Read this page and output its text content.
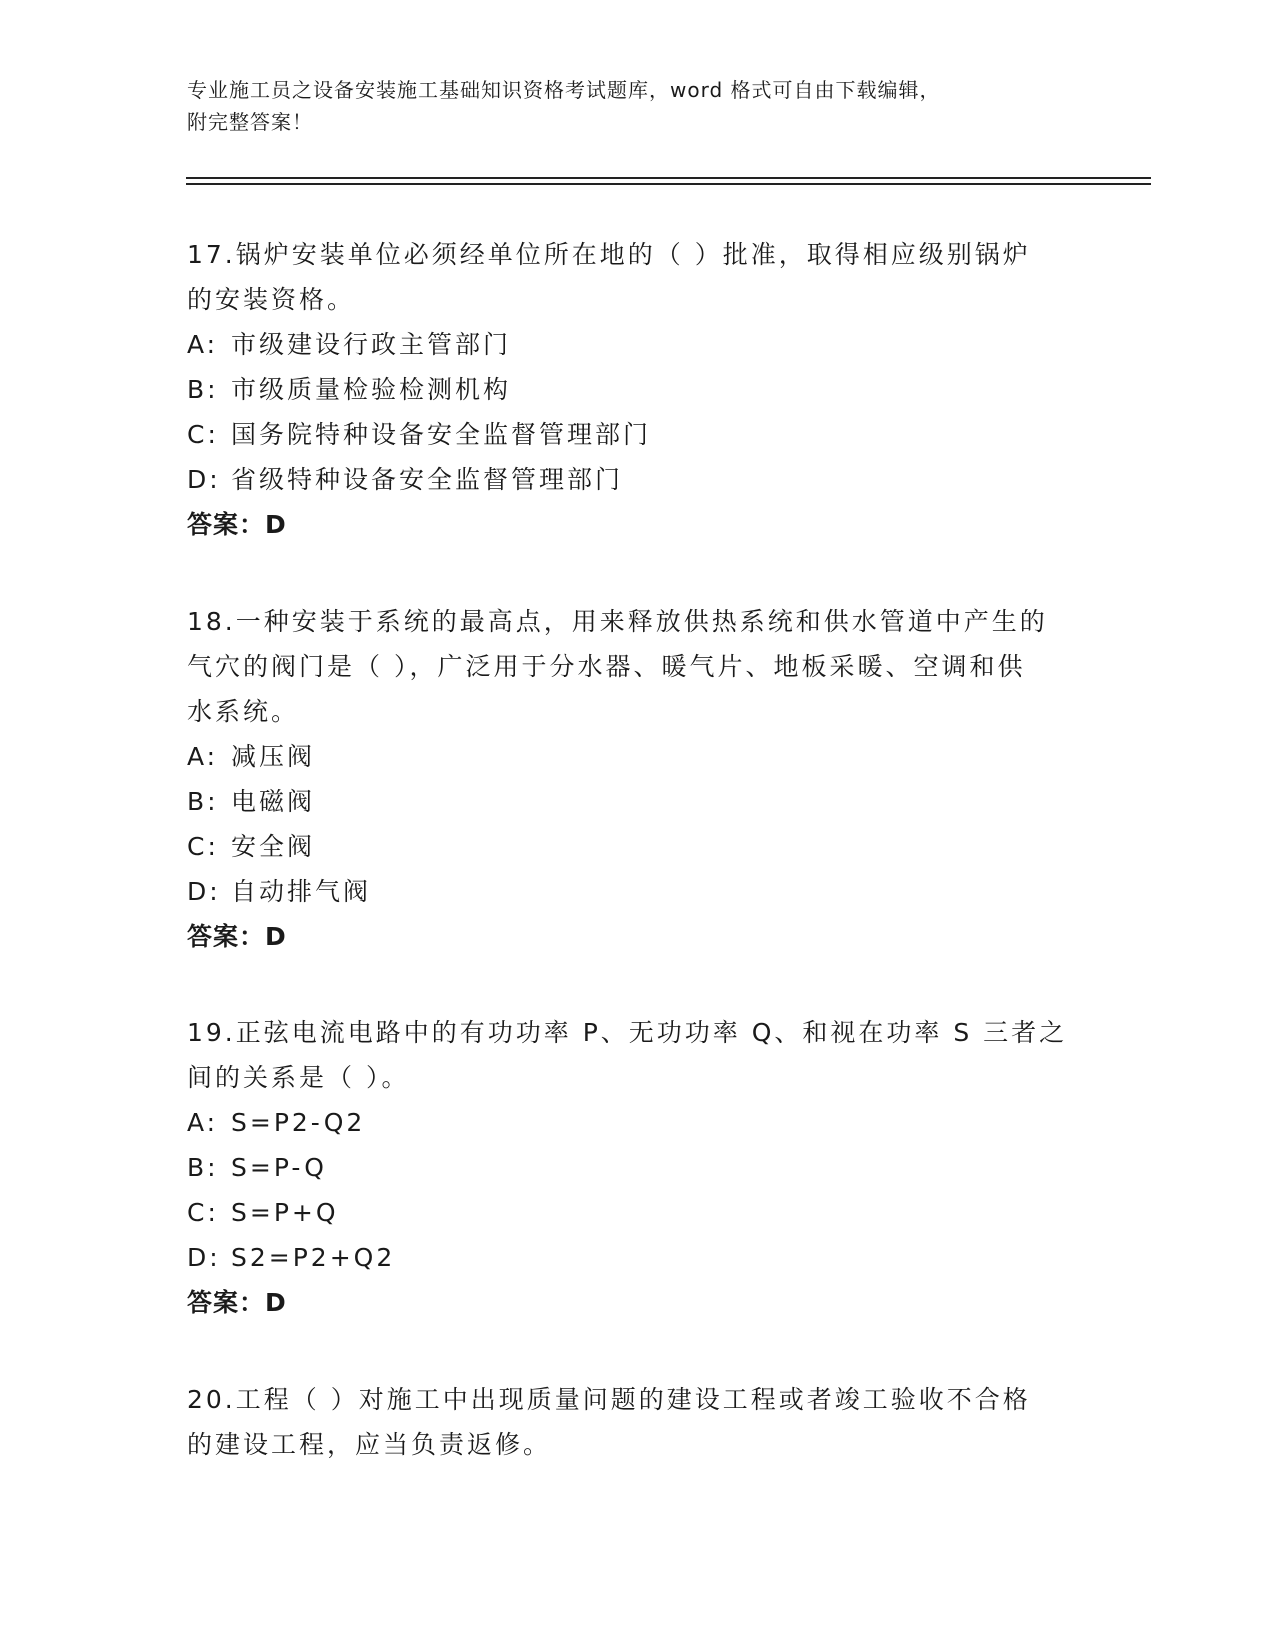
专业施工员之设备安装施工基础知识资格考试题库，word 格式可自由下载编辑，
附完整答案！
17.锅炉安装单位必须经单位所在地的（ ）批准，取得相应级别锅炉
的安装资格。
A: 市级建设行政主管部门
B: 市级质量检验检测机构
C: 国务院特种设备安全监督管理部门
D: 省级特种设备安全监督管理部门
答案：D
18.一种安装于系统的最高点，用来释放供热系统和供水管道中产生的
气穴的阀门是（ ），广泛用于分水器、暖气片、地板采暖、空调和供
水系统。
A: 减压阀
B: 电磁阀
C: 安全阀
D: 自动排气阀
答案：D
19.正弦电流电路中的有功功率 P、无功功率 Q、和视在功率 S 三者之
间的关系是（ ）。
A: S=P2-Q2
B: S=P-Q
C: S=P+Q
D: S2=P2+Q2
答案：D
20.工程（ ）对施工中出现质量问题的建设工程或者竣工验收不合格
的建设工程，应当负责返修。
